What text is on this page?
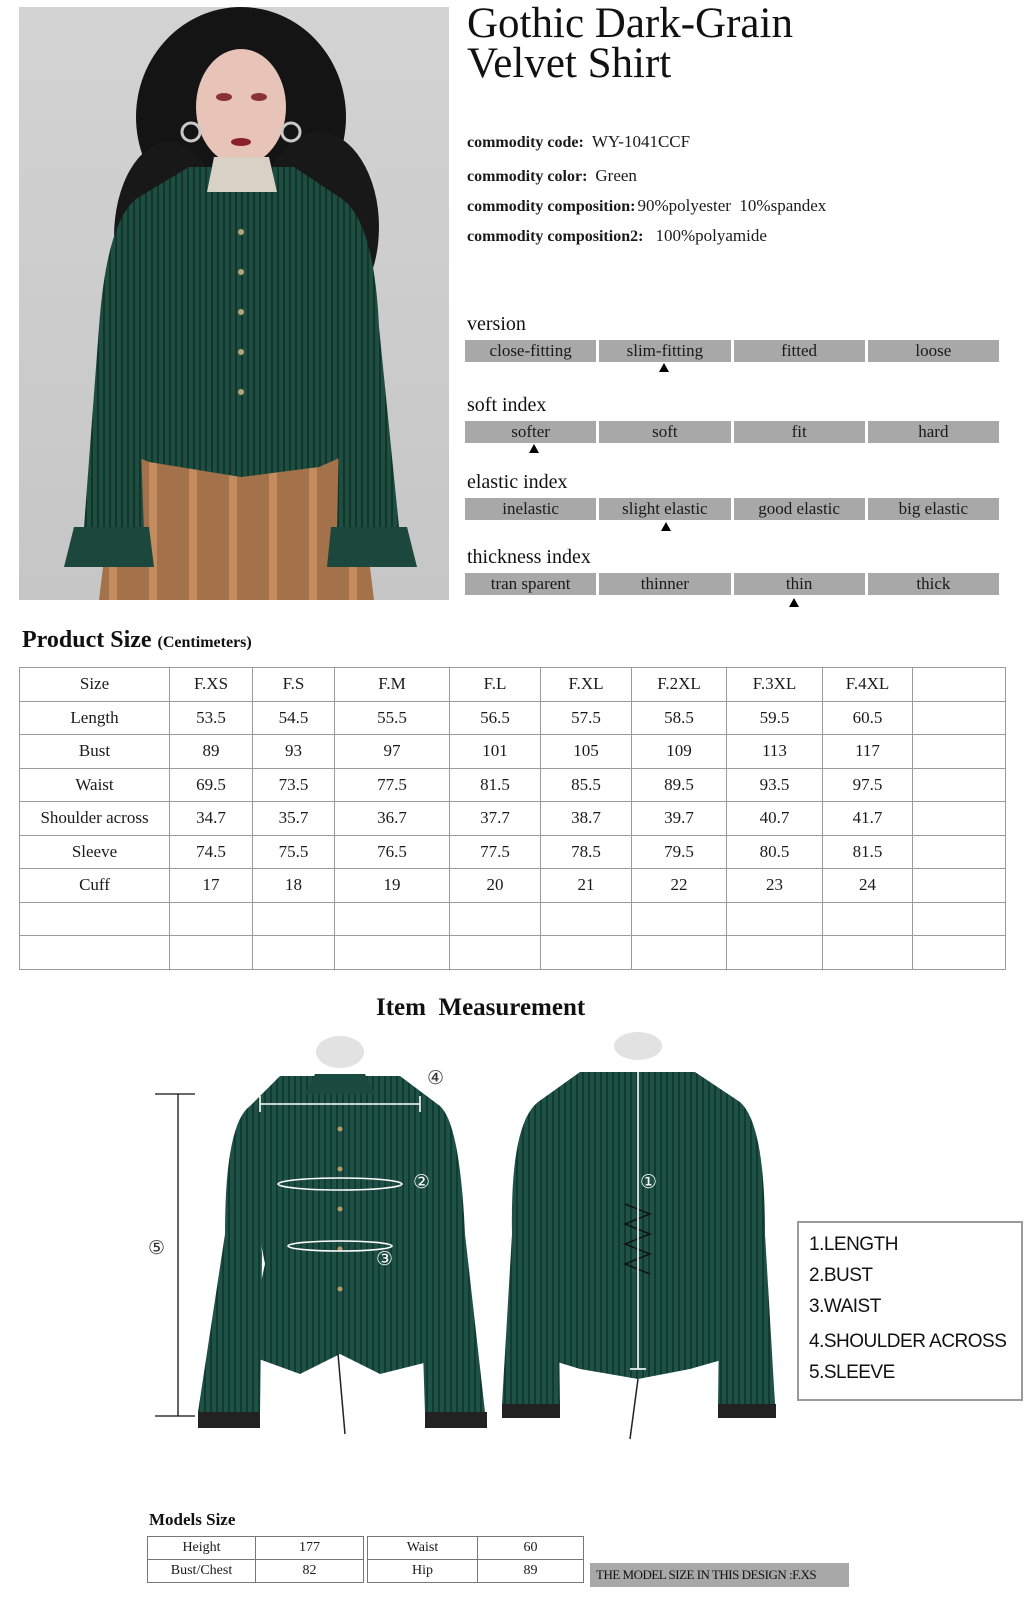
Gothic Dark-Grain
Velvet Shirt
commodity code: WY-1041CCF
commodity color: Green
commodity composition: 90%polyester  10%spandex
commodity composition2: 100%polyamide
version
close-fitting	slim-fitting	fitted	loose
soft index
softer	soft	fit	hard
elastic index
inelastic	slight elastic	good elastic	big elastic
thickness index
tran sparent	thinner	thin	thick
Product Size (Centimeters)
Size	F.XS	F.S	F.M	F.L	F.XL	F.2XL	F.3XL	F.4XL	
Length	53.5	54.5	55.5	56.5	57.5	58.5	59.5	60.5	
Bust	89	93	97	101	105	109	113	117	
Waist	69.5	73.5	77.5	81.5	85.5	89.5	93.5	97.5	
Shoulder across	34.7	35.7	36.7	37.7	38.7	39.7	40.7	41.7	
Sleeve	74.5	75.5	76.5	77.5	78.5	79.5	80.5	81.5	
Cuff	17	18	19	20	21	22	23	24	

Item  Measurement
④
②
③
①
⑤	1.LENGTH
2.BUST
3.WAIST
4.SHOULDER ACROSS
5.SLEEVE
Models Size
Height	177
Bust/Chest	82
Waist	60
Hip	89	THE MODEL SIZE IN THIS DESIGN :F.XS
